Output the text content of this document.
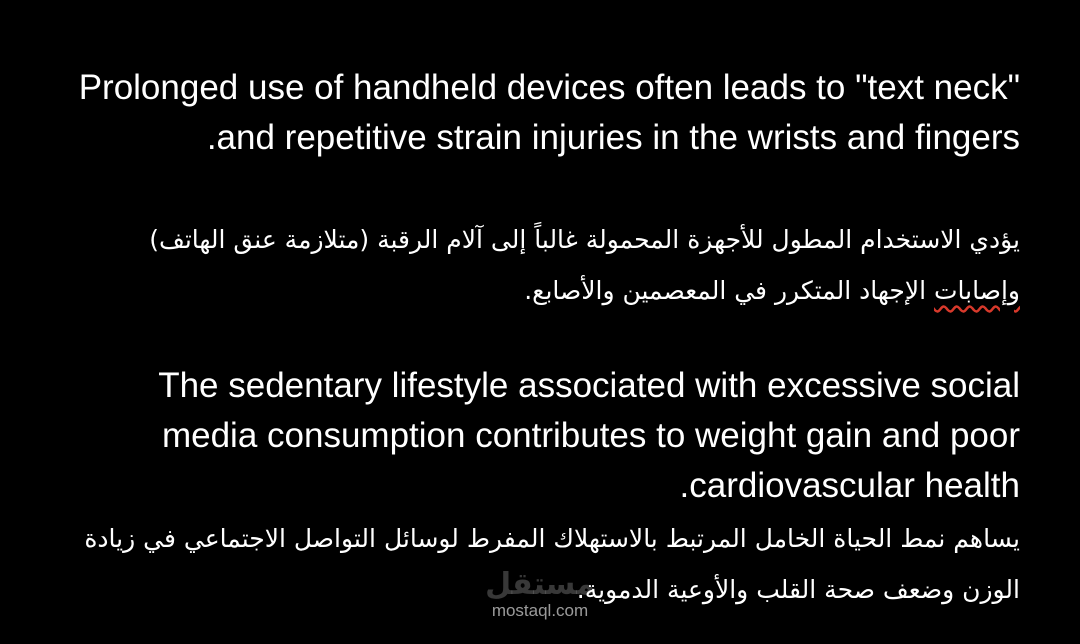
Prolonged use of handheld devices often leads to "text neck" and repetitive strain injuries in the wrists and fingers.

يؤدي الاستخدام المطول للأجهزة المحمولة غالباً إلى آلام الرقبة (متلازمة عنق الهاتف) وإصابات الإجهاد المتكرر في المعصمين والأصابع.

The sedentary lifestyle associated with excessive social media consumption contributes to weight gain and poor cardiovascular health.

يساهم نمط الحياة الخامل المرتبط بالاستهلاك المفرط لوسائل التواصل الاجتماعي في زيادة الوزن وضعف صحة القلب والأوعية الدموية.

مستقل
mostaql.com
